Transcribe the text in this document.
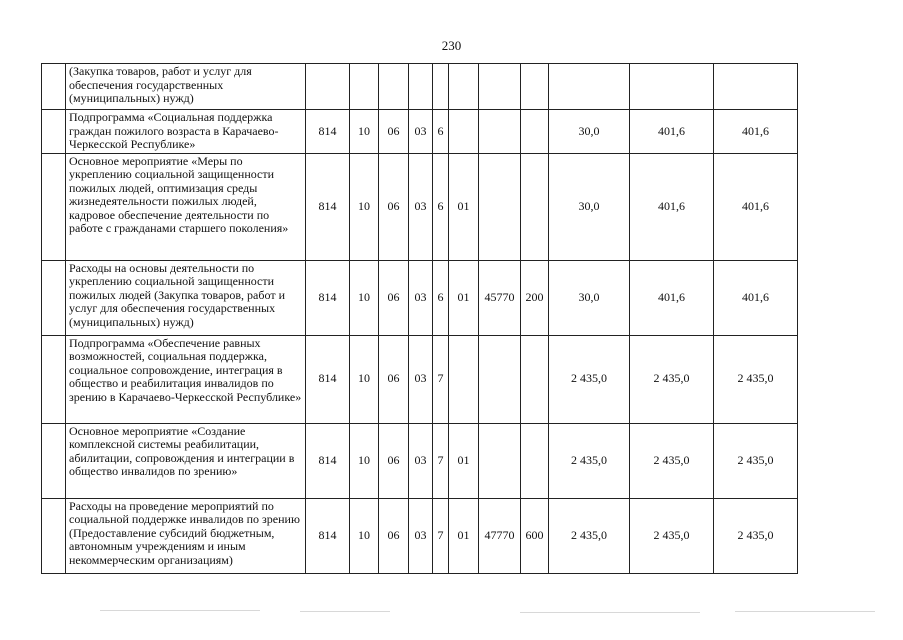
230
	(Закупка товаров, работ и услуг для обеспечения государственных (муниципальных) нужд)											
	Подпрограмма «Социальная поддержка граждан пожилого возраста в Карачаево-Черкесской Республике»	814	10	06	03	6				30,0	401,6	401,6
	Основное мероприятие «Меры по укреплению социальной защищенности пожилых людей, оптимизация среды жизнедеятельности пожилых людей, кадровое обеспечение деятельности по работе с гражданами старшего поколения»	814	10	06	03	6	01			30,0	401,6	401,6
	Расходы на основы деятельности по укреплению социальной защищенности пожилых людей (Закупка товаров, работ и услуг для обеспечения государственных (муниципальных) нужд)	814	10	06	03	6	01	45770	200	30,0	401,6	401,6
	Подпрограмма «Обеспечение равных возможностей, социальная поддержка, социальное сопровождение, интеграция в общество и реабилитация инвалидов по зрению в Карачаево-Черкесской Республике»	814	10	06	03	7				2 435,0	2 435,0	2 435,0
	Основное мероприятие «Создание комплексной системы реабилитации, абилитации, сопровождения и интеграции в общество инвалидов по зрению»	814	10	06	03	7	01			2 435,0	2 435,0	2 435,0
	Расходы на проведение мероприятий по социальной поддержке инвалидов по зрению (Предоставление субсидий бюджетным, автономным учреждениям и иным некоммерческим организациям)	814	10	06	03	7	01	47770	600	2 435,0	2 435,0	2 435,0
